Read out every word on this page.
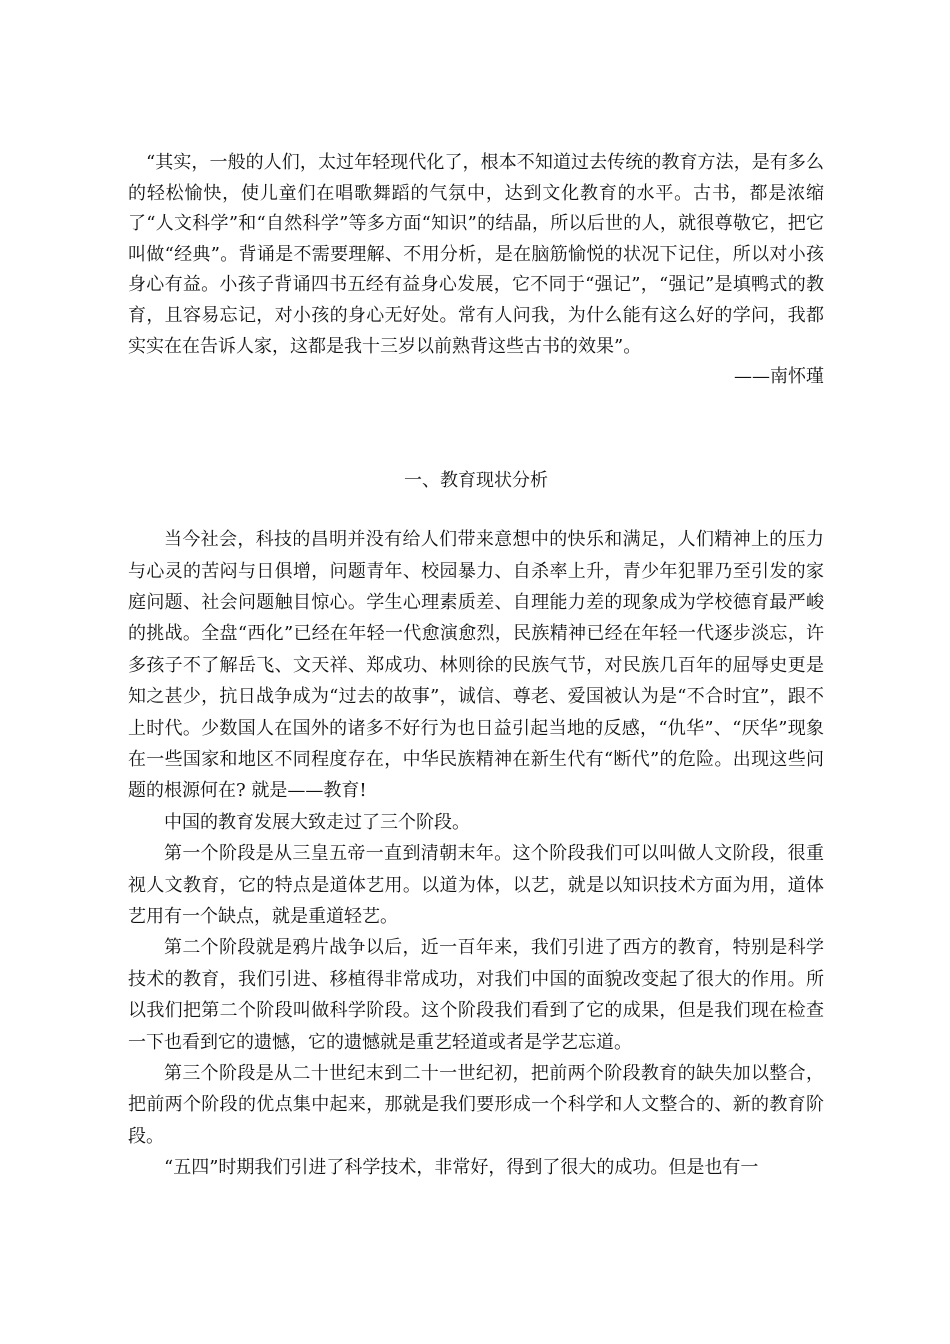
“其实，一般的人们，太过年轻现代化了，根本不知道过去传统的教育方法，是有多么的轻松愉快，使儿童们在唱歌舞蹈的气氛中，达到文化教育的水平。古书，都是浓缩了“人文科学”和“自然科学”等多方面“知识”的结晶，所以后世的人，就很尊敬它，把它叫做“经典”。背诵是不需要理解、不用分析，是在脑筋愉悦的状况下记住，所以对小孩身心有益。小孩子背诵四书五经有益身心发展，它不同于“强记”，“强记”是填鸭式的教育，且容易忘记，对小孩的身心无好处。常有人问我，为什么能有这么好的学问，我都实实在在告诉人家，这都是我十三岁以前熟背这些古书的效果”。

——南怀瑾

一、教育现状分析

当今社会，科技的昌明并没有给人们带来意想中的快乐和满足，人们精神上的压力与心灵的苦闷与日俱增，问题青年、校园暴力、自杀率上升，青少年犯罪乃至引发的家庭问题、社会问题触目惊心。学生心理素质差、自理能力差的现象成为学校德育最严峻的挑战。全盘“西化”已经在年轻一代愈演愈烈，民族精神已经在年轻一代逐步淡忘，许多孩子不了解岳飞、文天祥、郑成功、林则徐的民族气节，对民族几百年的屈辱史更是知之甚少，抗日战争成为“过去的故事”，诚信、尊老、爱国被认为是“不合时宜”，跟不上时代。少数国人在国外的诸多不好行为也日益引起当地的反感，“仇华”、“厌华”现象在一些国家和地区不同程度存在，中华民族精神在新生代有“断代”的危险。出现这些问题的根源何在? 就是——教育!

中国的教育发展大致走过了三个阶段。

第一个阶段是从三皇五帝一直到清朝末年。这个阶段我们可以叫做人文阶段，很重视人文教育，它的特点是道体艺用。以道为体，以艺，就是以知识技术方面为用，道体艺用有一个缺点，就是重道轻艺。

第二个阶段就是鸦片战争以后，近一百年来，我们引进了西方的教育，特别是科学技术的教育，我们引进、移植得非常成功，对我们中国的面貌改变起了很大的作用。所以我们把第二个阶段叫做科学阶段。这个阶段我们看到了它的成果，但是我们现在检查一下也看到它的遗憾，它的遗憾就是重艺轻道或者是学艺忘道。

第三个阶段是从二十世纪末到二十一世纪初，把前两个阶段教育的缺失加以整合，把前两个阶段的优点集中起来，那就是我们要形成一个科学和人文整合的、新的教育阶段。

“五四”时期我们引进了科学技术，非常好，得到了很大的成功。但是也有一
